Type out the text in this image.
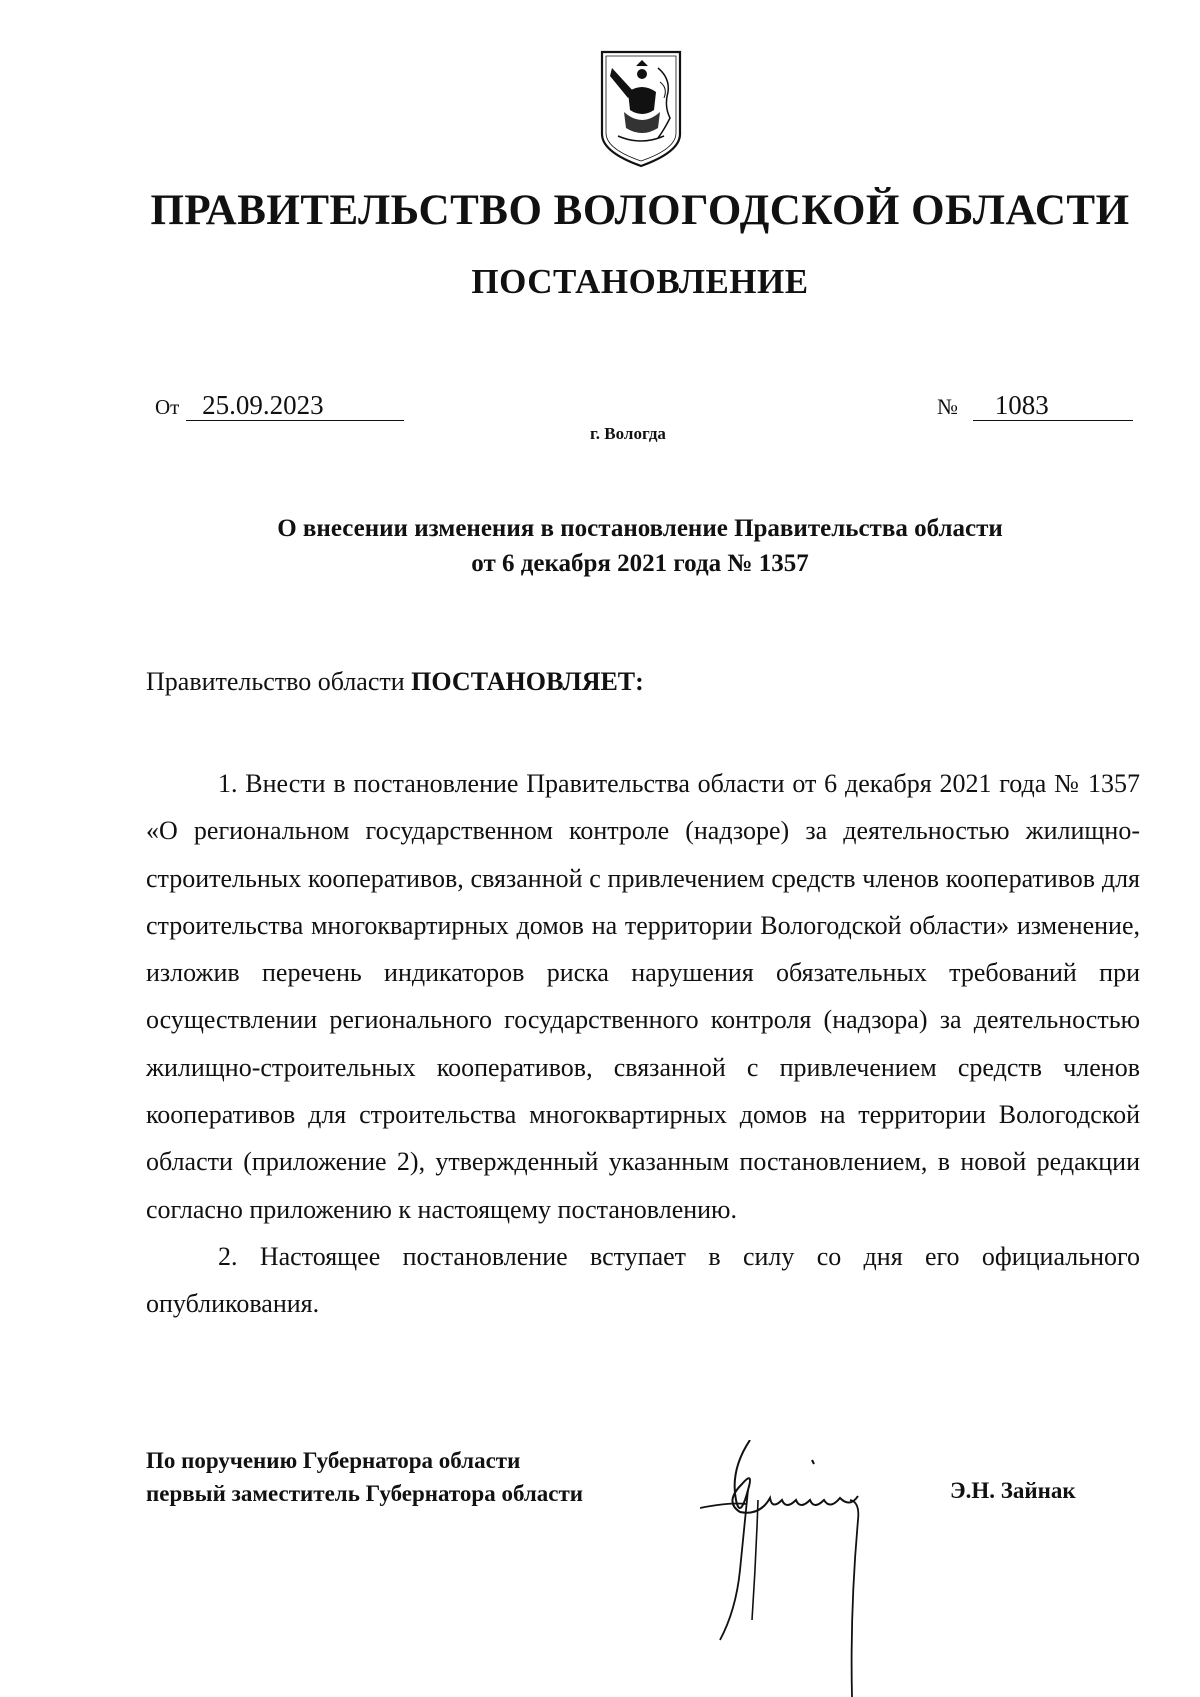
ПРАВИТЕЛЬСТВО ВОЛОГОДСКОЙ ОБЛАСТИ
ПОСТАНОВЛЕНИЕ
От 25.09.2023	№ 1083
г. Вологда
О внесении изменения в постановление Правительства области
от 6 декабря 2021 года № 1357
Правительство области ПОСТАНОВЛЯЕТ:

1. Внести в постановление Правительства области от 6 декабря 2021 года № 1357 «О региональном государственном контроле (надзоре) за деятельностью жилищно-строительных кооперативов, связанной с привлечением средств членов кооперативов для строительства многоквартирных домов на территории Вологодской области» изменение, изложив перечень индикаторов риска нарушения обязательных требований при осуществлении регионального государственного контроля (надзора) за деятельностью жилищно-строительных кооперативов, связанной с привлечением средств членов кооперативов для строительства многоквартирных домов на территории Вологодской области (приложение 2), утвержденный указанным постановлением, в новой редакции согласно приложению к настоящему постановлению.

2. Настоящее постановление вступает в силу со дня его официального опубликования.

По поручению Губернатора области
первый заместитель Губернатора области	Э.Н. Зайнак
